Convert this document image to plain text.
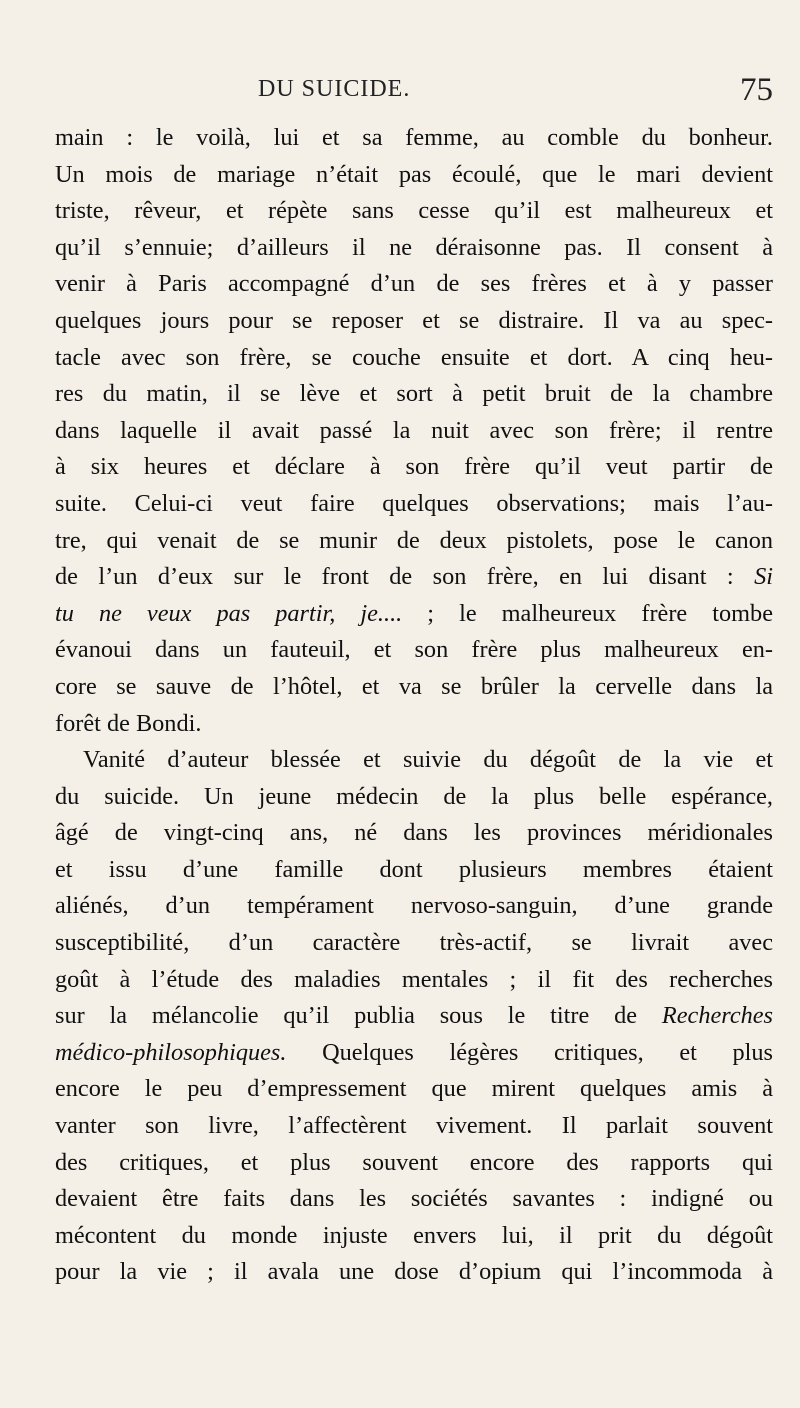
DU SUICIDE.	75
main : le voilà, lui et sa femme, au comble du bonheur.
Un mois de mariage n’était pas écoulé, que le mari devient
triste, rêveur, et répète sans cesse qu’il est malheureux et
qu’il s’ennuie; d’ailleurs il ne déraisonne pas. Il consent à
venir à Paris accompagné d’un de ses frères et à y passer
quelques jours pour se reposer et se distraire. Il va au spec-
tacle avec son frère, se couche ensuite et dort. A cinq heu-
res du matin, il se lève et sort à petit bruit de la chambre
dans laquelle il avait passé la nuit avec son frère; il rentre
à six heures et déclare à son frère qu’il veut partir de
suite. Celui-ci veut faire quelques observations; mais l’au-
tre, qui venait de se munir de deux pistolets, pose le canon
de l’un d’eux sur le front de son frère, en lui disant : Si
tu ne veux pas partir, je.... ; le malheureux frère tombe
évanoui dans un fauteuil, et son frère plus malheureux en-
core se sauve de l’hôtel, et va se brûler la cervelle dans la
forêt de Bondi.
Vanité d’auteur blessée et suivie du dégoût de la vie et
du suicide. Un jeune médecin de la plus belle espérance,
âgé de vingt-cinq ans, né dans les provinces méridionales
et issu d’une famille dont plusieurs membres étaient
aliénés, d’un tempérament nervoso-sanguin, d’une grande
susceptibilité, d’un caractère très-actif, se livrait avec
goût à l’étude des maladies mentales ; il fit des recherches
sur la mélancolie qu’il publia sous le titre de Recherches
médico-philosophiques. Quelques légères critiques, et plus
encore le peu d’empressement que mirent quelques amis à
vanter son livre, l’affectèrent vivement. Il parlait souvent
des critiques, et plus souvent encore des rapports qui
devaient être faits dans les sociétés savantes : indigné ou
mécontent du monde injuste envers lui, il prit du dégoût
pour la vie ; il avala une dose d’opium qui l’incommoda à
